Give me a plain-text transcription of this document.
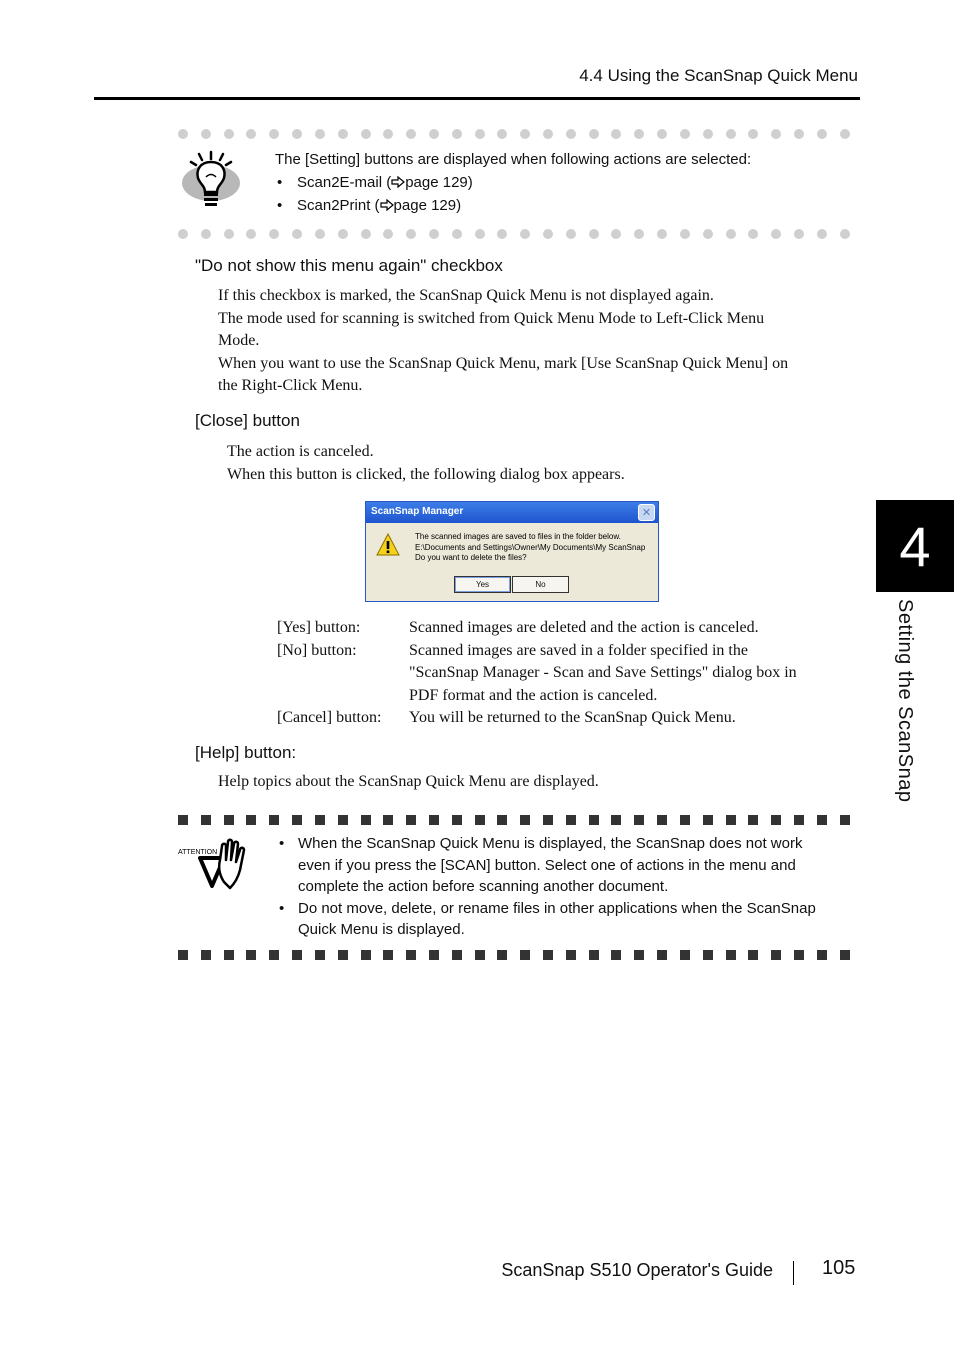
4.4 Using the ScanSnap Quick Menu
The [Setting] buttons are displayed when following actions are selected:
• Scan2E-mail ( page 129)
• Scan2Print ( page 129)
"Do not show this menu again" checkbox
If this checkbox is marked, the ScanSnap Quick Menu is not displayed again.
The mode used for scanning is switched from Quick Menu Mode to Left-Click Menu
Mode.
When you want to use the ScanSnap Quick Menu, mark [Use ScanSnap Quick Menu] on
the Right-Click Menu.
[Close] button
The action is canceled.
When this button is clicked, the following dialog box appears.
ScanSnap Manager	✕
The scanned images are saved to files in the folder below.
E:\Documents and Settings\Owner\My Documents\My ScanSnap
Do you want to delete the files?
Yes	No
[Yes] button:	Scanned images are deleted and the action is canceled.
[No] button:	Scanned images are saved in a folder specified in the
"ScanSnap Manager - Scan and Save Settings" dialog box in
PDF format and the action is canceled.
[Cancel] button:	You will be returned to the ScanSnap Quick Menu.
[Help] button:
Help topics about the ScanSnap Quick Menu are displayed.
ATTENTION
• When the ScanSnap Quick Menu is displayed, the ScanSnap does not work
even if you press the [SCAN] button. Select one of actions in the menu and
complete the action before scanning another document.
• Do not move, delete, or rename files in other applications when the ScanSnap
Quick Menu is displayed.
4
Setting the ScanSnap
ScanSnap S510 Operator's Guide 105
